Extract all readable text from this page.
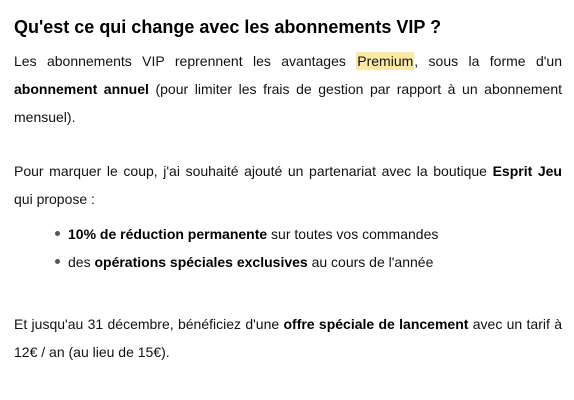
Qu'est ce qui change avec les abonnements VIP ?

Les abonnements VIP reprennent les avantages Premium, sous la forme d'un abonnement annuel (pour limiter les frais de gestion par rapport à un abonnement mensuel).

Pour marquer le coup, j'ai souhaité ajouté un partenariat avec la boutique Esprit Jeu qui propose :

10% de réduction permanente sur toutes vos commandes
des opérations spéciales exclusives au cours de l'année

Et jusqu'au 31 décembre, bénéficiez d'une offre spéciale de lancement avec un tarif à 12€ / an (au lieu de 15€).
